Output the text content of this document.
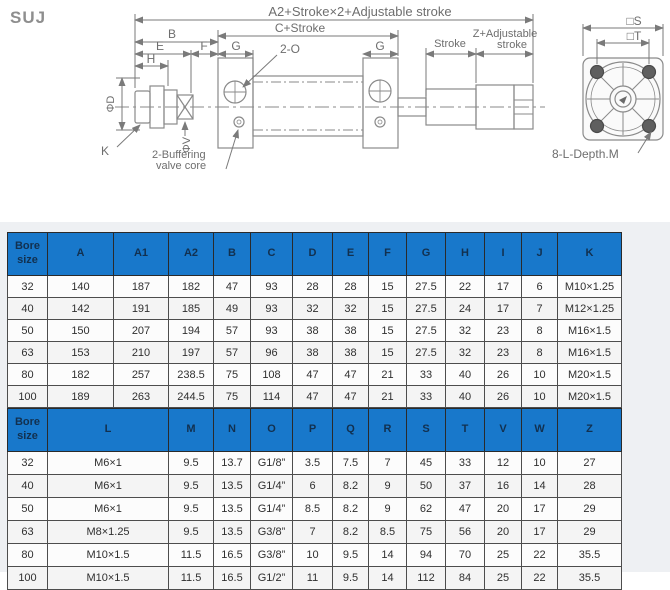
SUJ	A2+Stroke×2+Adjustable stroke
C+Stroke
B
E	F G
H
2-O	G	Stroke
Z+Adjustable
stroke
ΦD
ΦV
K	2-Buffering
valve core
□S
□T
8-L-Depth.M
Bore size	A	A1	A2	B	C	D	E	F	G	H	I	J	K
32	140	187	182	47	93	28	28	15	27.5	22	17	6	M10×1.25
40	142	191	185	49	93	32	32	15	27.5	24	17	7	M12×1.25
50	150	207	194	57	93	38	38	15	27.5	32	23	8	M16×1.5
63	153	210	197	57	96	38	38	15	27.5	32	23	8	M16×1.5
80	182	257	238.5	75	108	47	47	21	33	40	26	10	M20×1.5
100	189	263	244.5	75	114	47	47	21	33	40	26	10	M20×1.5
Bore size	L	M	N	O	P	Q	R	S	T	V	W	Z
32	M6×1	9.5	13.7	G1/8”	3.5	7.5	7	45	33	12	10	27
40	M6×1	9.5	13.5	G1/4”	6	8.2	9	50	37	16	14	28
50	M6×1	9.5	13.5	G1/4”	8.5	8.2	9	62	47	20	17	29
63	M8×1.25	9.5	13.5	G3/8”	7	8.2	8.5	75	56	20	17	29
80	M10×1.5	11.5	16.5	G3/8”	10	9.5	14	94	70	25	22	35.5
100	M10×1.5	11.5	16.5	G1/2”	11	9.5	14	112	84	25	22	35.5
